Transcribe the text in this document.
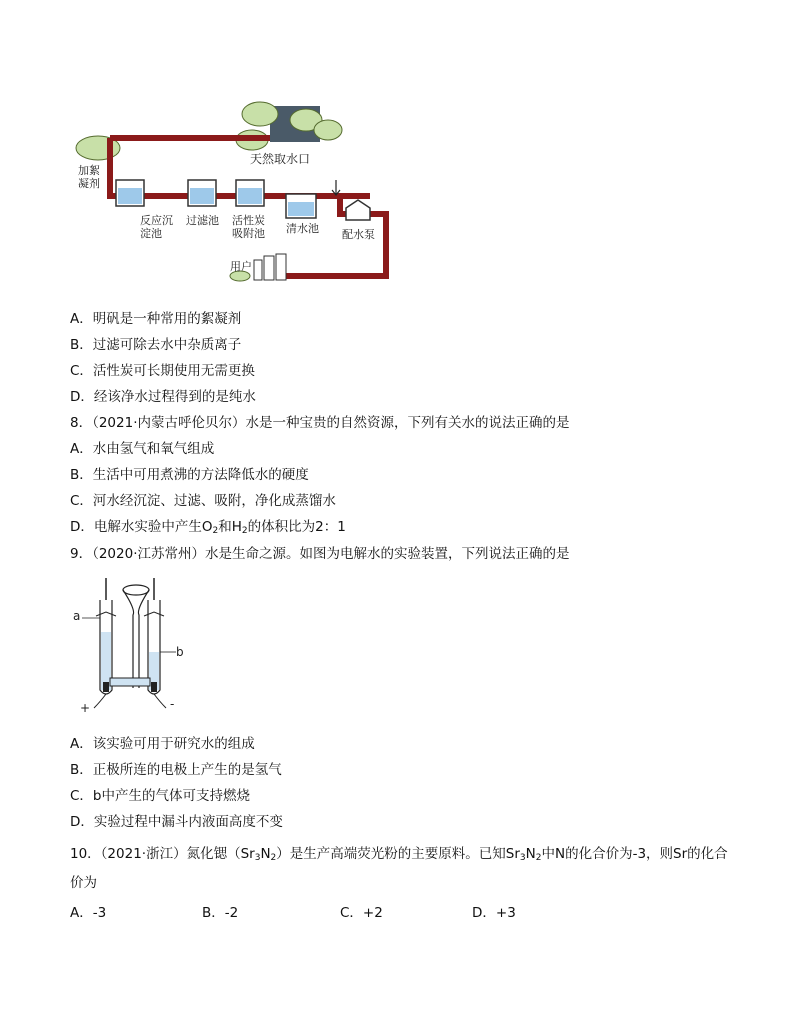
天然取水口
加絮
凝剂
反应沉
淀池
过滤池 活性炭
吸附池 清水池 配水泵
用户
A．明矾是一种常用的絮凝剂
B．过滤可除去水中杂质离子
C．活性炭可长期使用无需更换
D．经该净水过程得到的是纯水
8．（2021·内蒙古呼伦贝尔）水是一种宝贵的自然资源，下列有关水的说法正确的是
A．水由氢气和氧气组成
B．生活中可用煮沸的方法降低水的硬度
C．河水经沉淀、过滤、吸附，净化成蒸馏水
D．电解水实验中产生$O_2$和$H_2$的体积比为2：1
9．（2020·江苏常州）水是生命之源。如图为电解水的实验装置，下列说法正确的是
a
b
+	-
A．该实验可用于研究水的组成
B．正极所连的电极上产生的是氢气
C．b中产生的气体可支持燃烧
D．实验过程中漏斗内液面高度不变
10．（2021·浙江）氮化锶$(Sr_3N_2)$是生产高端荧光粉的主要原料。已知$Sr_3N_2$中N的化合价为-3，则Sr的化合
价为
A．-3	B．-2	C．+2	D．+3
